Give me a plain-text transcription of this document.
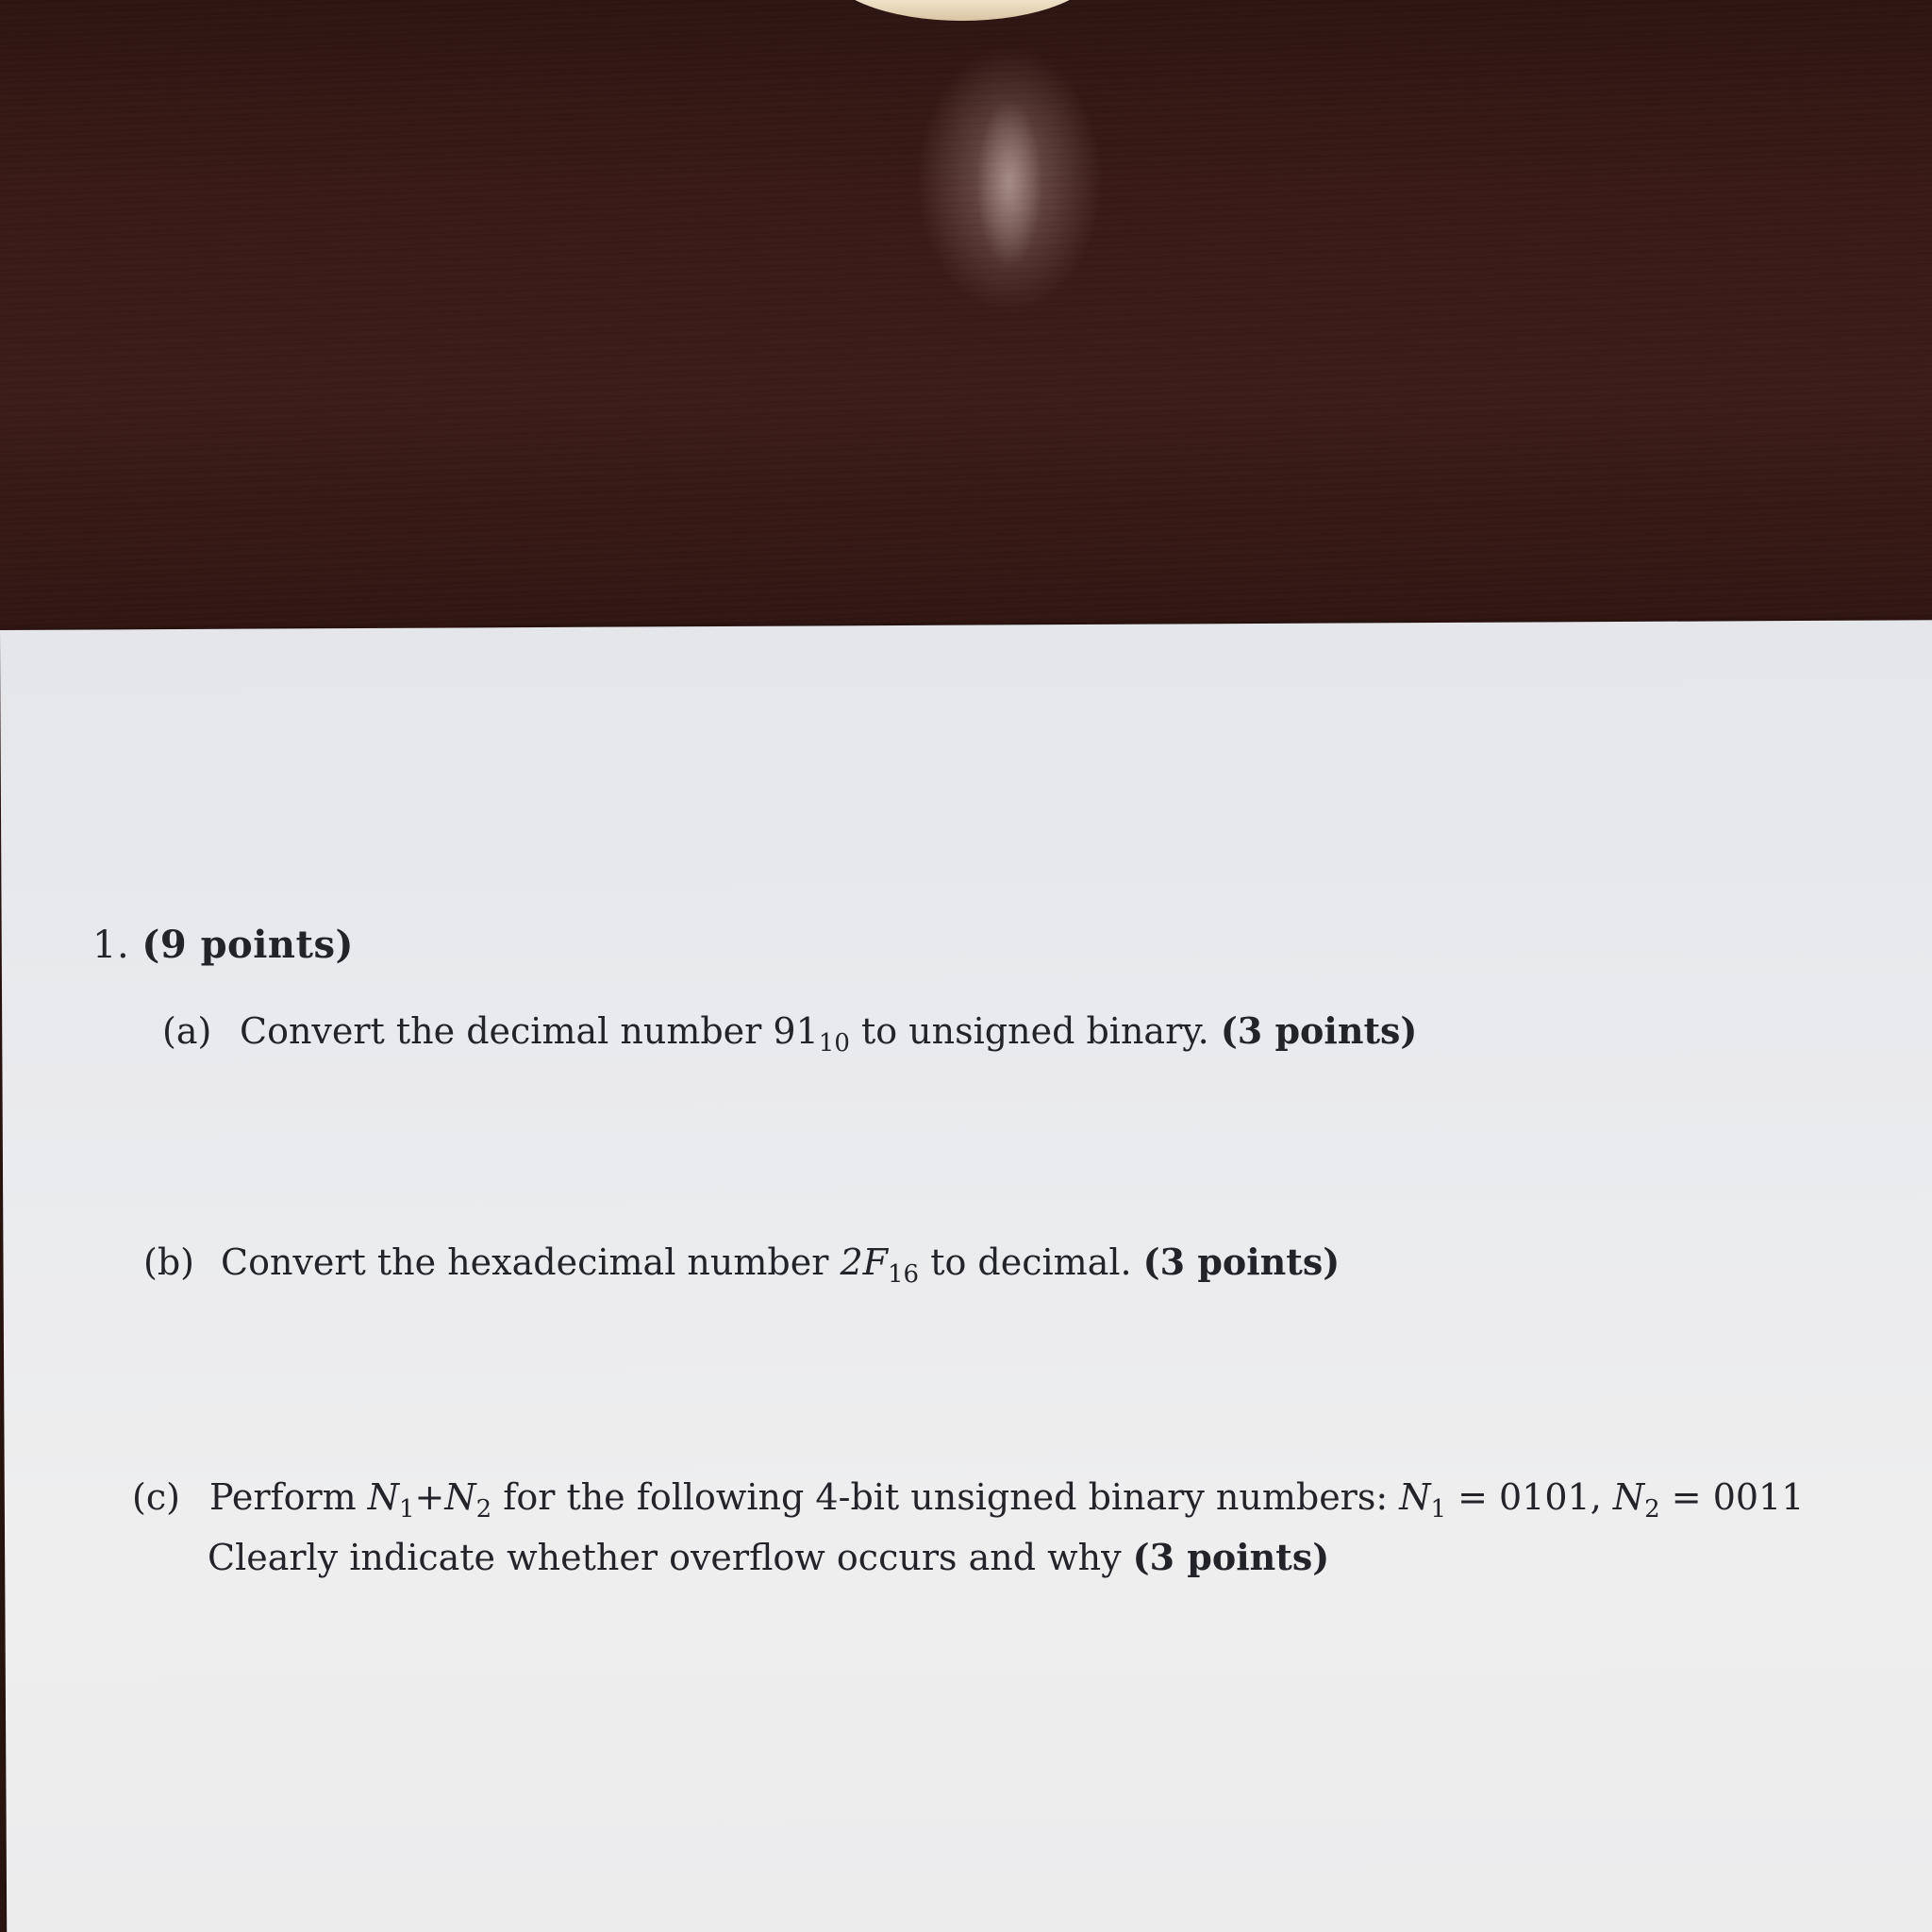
1. (9 points)
(a) Convert the decimal number $91_{10}$ to unsigned binary. (3 points)
(b) Convert the hexadecimal number $2F_{16}$ to decimal. (3 points)
(c) Perform $N_1+N_2$ for the following 4-bit unsigned binary numbers: $N_1 = 0101$, $N_2 = 0011$
Clearly indicate whether overflow occurs and why (3 points)
